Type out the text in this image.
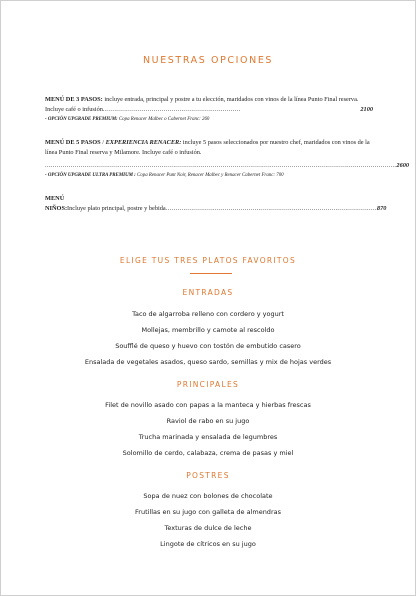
NUESTRAS OPCIONES

MENÚ DE 3 PASOS: incluye entrada, principal y postre a tu elección, maridados con vinos de la línea Punto Final reserva. Incluye café o infusión......................................................................	2100
- OPCIÓN UPGRADE PREMIUM: Copa Renacer Malbec o Cabernet Franc: 260

MENÚ DE 5 PASOS / EXPERIENCIA RENACER: incluye 5 pasos seleccionados por nuestro chef, maridados con vinos de la línea Punto Final reserva y Milamore. Incluye café o infusión.

.................................................................................................................................................................................. 2600
- OPCIÓN UPGRADE ULTRA PREMIUM : Copa Renacer Punt Noir, Renacer Malbec y Renacer Cabernet Franc: 700
MENÚ NIÑOS: Incluye plato principal, postre y bebida ........................................................................................................... 870
ELIGE TUS TRES PLATOS FAVORITOS
ENTRADAS
Taco de algarroba relleno con cordero y yogurt
Mollejas, membrillo y camote al rescoldo
Soufflé de queso y huevo con tostón de embutido casero
Ensalada de vegetales asados, queso sardo, semillas y mix de hojas verdes
PRINCIPALES
Filet de novillo asado con papas a la manteca y hierbas frescas
Raviol de rabo en su jugo
Trucha marinada y ensalada de legumbres
Solomillo de cerdo, calabaza, crema de pasas y miel
POSTRES
Sopa de nuez con bolones de chocolate
Frutillas en su jugo con galleta de almendras
Texturas de dulce de leche
Lingote de cítricos en su jugo
